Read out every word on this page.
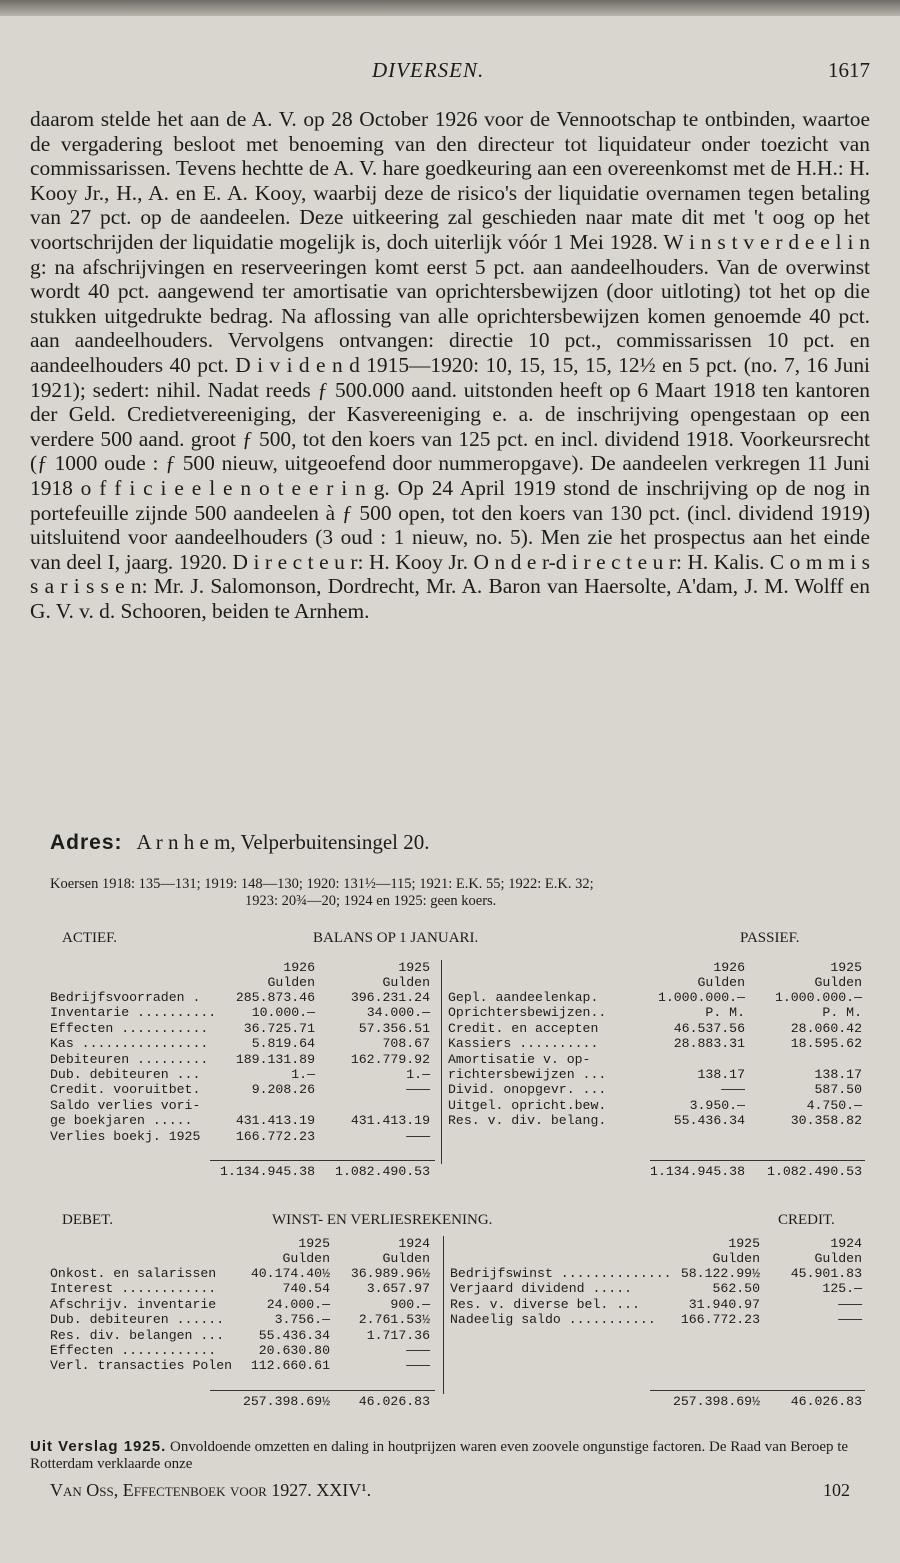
DIVERSEN.	1617

daarom stelde het aan de A. V. op 28 October 1926 voor de Vennootschap te ontbinden, waartoe de vergadering besloot met benoeming van den directeur tot liquidateur onder toezicht van commissarissen. Tevens hechtte de A. V. hare goedkeuring aan een overeenkomst met de H.H.: H. Kooy Jr., H., A. en E. A. Kooy, waarbij deze de risico's der liquidatie overnamen tegen betaling van 27 pct. op de aandeelen. Deze uitkeering zal geschieden naar mate dit met 't oog op het voortschrijden der liquidatie mogelijk is, doch uiterlijk vóór 1 Mei 1928. W i n s t v e r d e e l i n g: na afschrijvingen en reserveeringen komt eerst 5 pct. aan aandeelhouders. Van de overwinst wordt 40 pct. aangewend ter amortisatie van oprichtersbewijzen (door uitloting) tot het op die stukken uitgedrukte bedrag. Na aflossing van alle oprichtersbewijzen komen genoemde 40 pct. aan aandeelhouders. Vervolgens ontvangen: directie 10 pct., commissarissen 10 pct. en aandeelhouders 40 pct. D i v i d e n d 1915—1920: 10, 15, 15, 15, 12½ en 5 pct. (no. 7, 16 Juni 1921); sedert: nihil. Nadat reeds ƒ 500.000 aand. uitstonden heeft op 6 Maart 1918 ten kantoren der Geld. Credietvereeniging, der Kasvereeniging e. a. de inschrijving opengestaan op een verdere 500 aand. groot ƒ 500, tot den koers van 125 pct. en incl. dividend 1918. Voorkeursrecht (ƒ 1000 oude : ƒ 500 nieuw, uitgeoefend door nummeropgave). De aandeelen verkregen 11 Juni 1918 o f f i c i e e l e n o t e e r i n g. Op 24 April 1919 stond de inschrijving op de nog in portefeuille zijnde 500 aandeelen à ƒ 500 open, tot den koers van 130 pct. (incl. dividend 1919) uitsluitend voor aandeelhouders (3 oud : 1 nieuw, no. 5). Men zie het prospectus aan het einde van deel I, jaarg. 1920. D i r e c t e u r: H. Kooy Jr. O n d e r-d i r e c t e u r: H. Kalis. C o m m i s s a r i s s e n: Mr. J. Salomonson, Dordrecht, Mr. A. Baron van Haersolte, A'dam, J. M. Wolff en G. V. v. d. Schooren, beiden te Arnhem.

Adres: A r n h e m, Velperbuitensingel 20.
Koersen 1918: 135—131; 1919: 148—130; 1920: 131½—115; 1921: E.K. 55; 1922: E.K. 32;
1923: 20¾—20; 1924 en 1925: geen koers.
ACTIEF.	BALANS OP 1 JANUARI.	PASSIEF.
1926	1925
Gulden	Gulden
1926	1925
Gulden	Gulden
Bedrijfsvoorraden .	285.873.46	396.231.24
Inventarie ..........	10.000.—	34.000.—
Effecten ...........	36.725.71	57.356.51
Kas ................	5.819.64	708.67
Debiteuren .........	189.131.89	162.779.92
Dub. debiteuren ...	1.—	1.—
Credit. vooruitbet.	9.208.26	———
Saldo verlies vori-
ge boekjaren .....	431.413.19	431.413.19
Verlies boekj. 1925	166.772.23	———
Gepl. aandeelenkap.	1.000.000.—	1.000.000.—
Oprichtersbewijzen..	P. M.	P. M.
Credit. en accepten	46.537.56	28.060.42
Kassiers ..........	28.883.31	18.595.62
Amortisatie v. op-
richtersbewijzen ...	138.17	138.17
Divid. onopgevr. ...	———	587.50
Uitgel. opricht.bew.	3.950.—	4.750.—
Res. v. div. belang.	55.436.34	30.358.82
1.134.945.38	1.082.490.53	1.134.945.38	1.082.490.53
DEBET.	WINST- EN VERLIESREKENING.	CREDIT.
1925	1924
Gulden	Gulden
1925	1924
Gulden	Gulden
Onkost. en salarissen	40.174.40½	36.989.96½
Interest ............	740.54	3.657.97
Afschrijv. inventarie	24.000.—	900.—
Dub. debiteuren ......	3.756.—	2.761.53½
Res. div. belangen ...	55.436.34	1.717.36
Effecten ............	20.630.80	———
Verl. transacties Polen	112.660.61	———
Bedrijfswinst .............. 58.122.99½	45.901.83
Verjaard dividend .....	562.50	125.—
Res. v. diverse bel. ...	31.940.97	———
Nadeelig saldo ...........	166.772.23	———
257.398.69½	46.026.83	257.398.69½	46.026.83
Uit Verslag 1925. Onvoldoende omzetten en daling in houtprijzen waren even zoovele ongunstige factoren. De Raad van Beroep te Rotterdam verklaarde onze
Van Oss, Effectenboek voor 1927. XXIV¹.	102
